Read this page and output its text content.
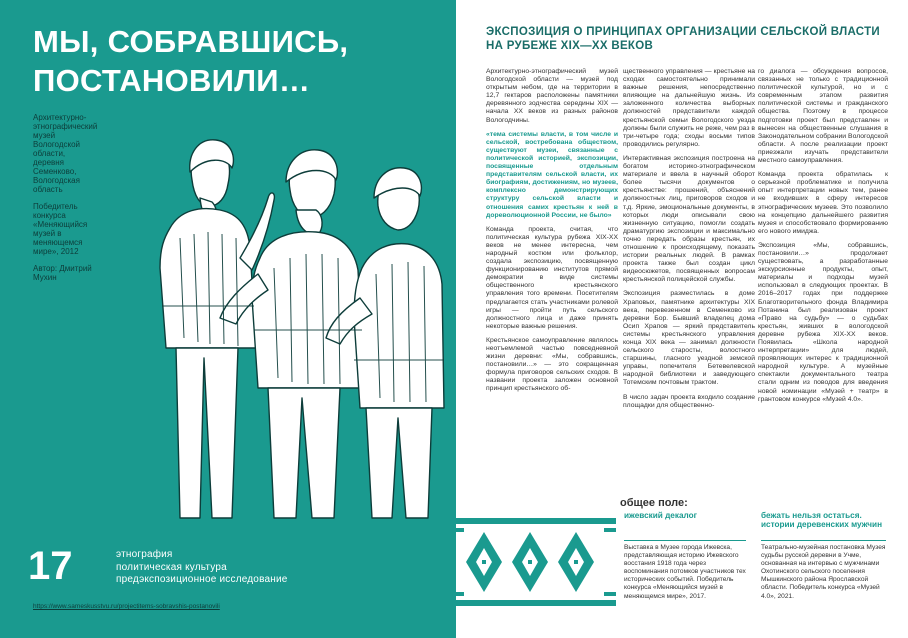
МЫ, СОБРАВШИСЬ, ПОСТАНОВИЛИ…

Архитектурно-этнографический музей Вологодской области, деревня Семенково, Вологодская область

Победитель конкурса «Меняющийся музей в меняющемся мире», 2012

Автор: Дмитрий Мухин

17	этнография
политическая культура
предэкспозиционное исследование
https://www.sameskusstvu.ru/projectitems-sobravshis-postanovili
ЭКСПОЗИЦИЯ О ПРИНЦИПАХ ОРГАНИЗАЦИИ СЕЛЬСКОЙ ВЛАСТИ НА РУБЕЖЕ XIX—XX ВЕКОВ

Архитектурно-этнографический музей Вологодской области — музей под открытым небом, где на территории в 12,7 гектаров расположены памятники деревянного зодчества середины XIX — начала XX веков из разных районов Вологодчины.

«тема системы власти, в том числе и сельской, востребована обществом, существуют музеи, связанные с политической историей, экспозиции, посвященные отдельным представителям сельской власти, их биографиям, достижениям, но музеев, комплексно демонстрирующих структуру сельской власти и отношения самих крестьян к ней в дореволюционной России, не было»

Команда проекта, считая, что политическая культура рубежа XIX-XX веков не менее интересна, чем народный костюм или фольклор, создала экспозицию, посвященную функционированию институтов прямой демократии в виде системы общественного крестьянского управления того времени. Посетителям предлагается стать участниками ролевой игры — пройти путь сельского должностного лица и даже принять некоторые важные решения.

Крестьянское самоуправление являлось неотъемлемой частью повседневной жизни деревни: «Мы, собравшись, постановили…» — это сокращенная формула приговоров сельских сходов. В названии проекта заложен основной принцип крестьянского об-

щественного управления — крестьяне на сходах самостоятельно принимали важные решения, непосредственно влияющие на дальнейшую жизнь. Из заложенного количества выборных должностей представители каждой крестьянской семьи Вологодского уезда должны были служить не реже, чем раз в три-четыре года; сходы восьми типов проводились регулярно.

Интерактивная экспозиция построена на богатом историко-этнографическом материале и ввела в научный оборот более тысячи документов о крестьянстве: прошений, объяснений должностных лиц, приговоров сходов и т.д. Яркие, эмоциональные документы, в которых люди описывали свою жизненную ситуацию, помогли создать драматургию экспозиции и максимально точно передать образы крестьян, их отношение к происходящему, показать истории реальных людей. В рамках проекта также был создан цикл видеосюжетов, посвященных вопросам крестьянской полицейской службы.

Экспозиция разместилась в доме Храповых, памятнике архитектуры XIX века, перевезенном в Семенково из деревни Бор. Бывший владелец дома Осип Храпов — яркий представитель системы крестьянского управления конца XIX века — занимал должности сельского старосты, волостного старшины, гласного уездной земской управы, попечителя Бетевелевской народной библиотеки и заведующего Тотемским почтовым трактом.

В число задач проекта входило создание площадки для общественно-

го диалога — обсуждения вопросов, связанных не только с традиционной политической культурой, но и с современным этапом развития политической системы и гражданского общества. Поэтому в процессе подготовки проект был представлен и вынесен на общественные слушания в Законодательном собрании Вологодской области. А после реализации проект приезжали изучать представители местного самоуправления.

Команда проекта обратилась к серьезной проблематике и получила опыт интерпретации новых тем, ранее не входивших в сферу интересов этнографических музеев. Это позволило на концепцию дальнейшего развития музея и способствовало формированию его нового имиджа.

Экспозиция «Мы, собравшись, постановили…» продолжает существовать, а разработанные экскурсионные продукты, опыт, материалы и подходы музей использовал в следующих проектах. В 2016–2017 годах при поддержке Благотворительного фонда Владимира Потанина был реализован проект «Право на судьбу» — о судьбах крестьян, живших в вологодской деревне рубежа XIX-XX веков. Появилась «Школа народной интерпретации» для людей, проявляющих интерес к традиционной народной культуре. А музейные спектакли документального театра стали одним из поводов для введения новой номинации «Музей + театр» в грантовом конкурсе «Музей 4.0».

общее поле:
ижевский декалог
Выставка в Музее города Ижевска, представляющая историю Ижевского восстания 1918 года через воспоминания потомков участников тех исторических событий. Победитель конкурса «Меняющийся музей в меняющемся мире», 2017.
бежать нельзя остаться. истории деревенских мужчин
Театрально-музейная постановка Музея судьбы русской деревни в Учме, основанная на интервью с мужчинами Охотинского сельского поселения Мышкинского района Ярославской области. Победитель конкурса «Музей 4.0», 2021.
